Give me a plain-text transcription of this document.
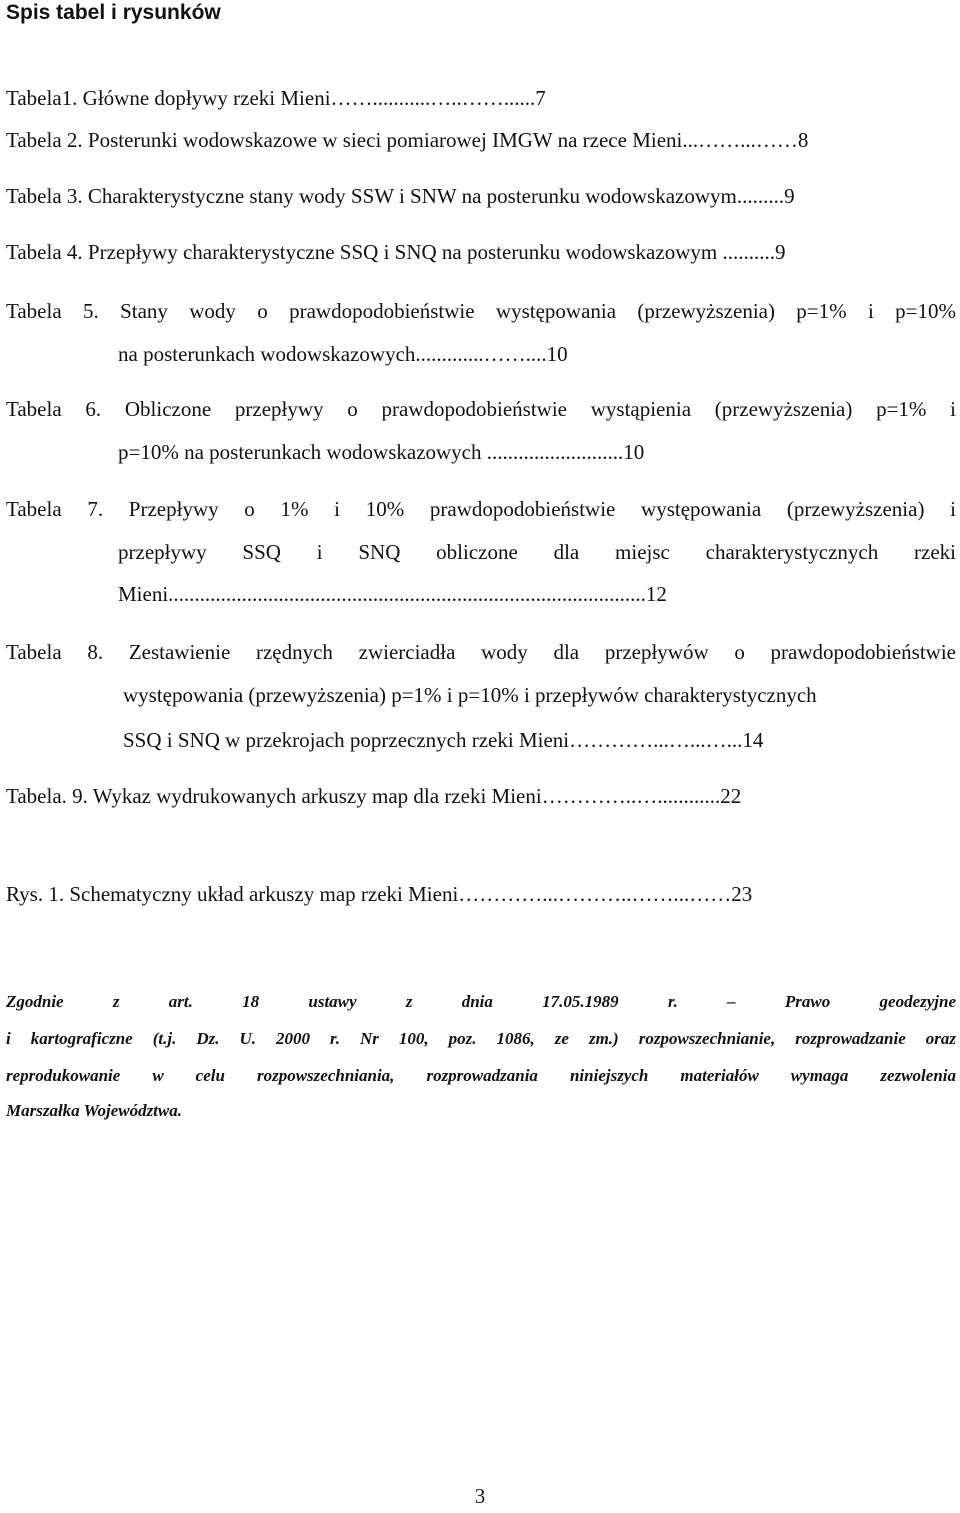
Spis tabel i rysunków
Tabela1. Główne dopływy rzeki Mieni……...........…..……......7
Tabela 2. Posterunki wodowskazowe w sieci pomiarowej IMGW na rzece Mieni...……...……8
Tabela 3. Charakterystyczne stany wody SSW i SNW na posterunku wodowskazowym.........9
Tabela 4. Przepływy charakterystyczne SSQ i SNQ na posterunku wodowskazowym ..........9
Tabela 5. Stany wody o prawdopodobieństwie występowania (przewyższenia) p=1% i p=10%
na posterunkach wodowskazowych.............……....10
Tabela 6. Obliczone przepływy o prawdopodobieństwie wystąpienia (przewyższenia) p=1% i
p=10% na posterunkach wodowskazowych ..........................10
Tabela 7. Przepływy o 1% i 10% prawdopodobieństwie występowania (przewyższenia) i
przepływy SSQ i SNQ obliczone dla miejsc charakterystycznych rzeki
Mieni...........................................................................................12
Tabela 8. Zestawienie rzędnych zwierciadła wody dla przepływów o prawdopodobieństwie
występowania (przewyższenia) p=1% i p=10% i przepływów charakterystycznych
SSQ i SNQ w przekrojach poprzecznych rzeki Mieni…………...…...…...14
Tabela. 9. Wykaz wydrukowanych arkuszy map dla rzeki Mieni…………..…............22
Rys. 1. Schematyczny układ arkuszy map rzeki Mieni…………...………..……...……23
Zgodnie z art. 18 ustawy z dnia 17.05.1989 r. – Prawo geodezyjne
i kartograficzne (t.j. Dz. U. 2000 r. Nr 100, poz. 1086, ze zm.) rozpowszechnianie, rozprowadzanie oraz
reprodukowanie w celu rozpowszechniania, rozprowadzania niniejszych materiałów wymaga zezwolenia
Marszałka Województwa.
3
